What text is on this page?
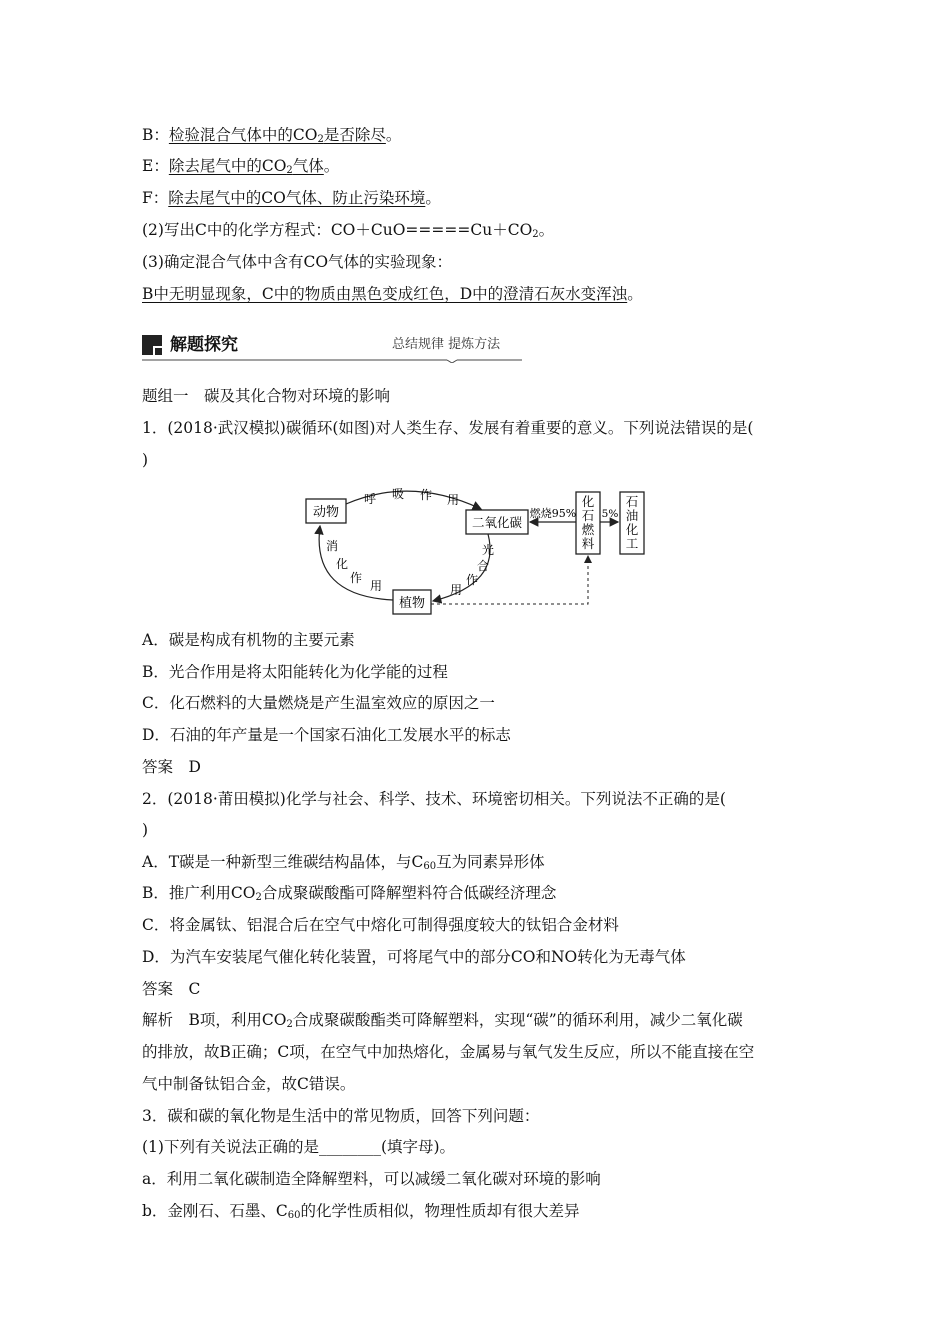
B：检验混合气体中的$CO_2$是否除尽。
E：除去尾气中的$CO_2$气体。
F：除去尾气中的CO气体、防止污染环境。
(2)写出C中的化学方程式：$CO+CuO=====Cu+CO_2$。
(3)确定混合气体中含有CO气体的实验现象：
B中无明显现象，C中的物质由黑色变成红色，D中的澄清石灰水变浑浊。
解题探究	总结规律 提炼方法
题组一　碳及其化合物对环境的影响
1．(2018·武汉模拟)碳循环(如图)对人类生存、发展有着重要的意义。下列说法错误的是(
)
动物
二氧化碳
化
石
燃
料
石
油
化
工
植物
呼 吸 作 用
光
合
作
用
消
化
作
用
燃烧95% 5%
A．碳是构成有机物的主要元素
B．光合作用是将太阳能转化为化学能的过程
C．化石燃料的大量燃烧是产生温室效应的原因之一
D．石油的年产量是一个国家石油化工发展水平的标志
答案　D
2．(2018·莆田模拟)化学与社会、科学、技术、环境密切相关。下列说法不正确的是(
)
A．T碳是一种新型三维碳结构晶体，与$C_{60}$互为同素异形体
B．推广利用$CO_2$合成聚碳酸酯可降解塑料符合低碳经济理念
C．将金属钛、铝混合后在空气中熔化可制得强度较大的钛铝合金材料
D．为汽车安装尾气催化转化装置，可将尾气中的部分CO和NO转化为无毒气体
答案　C
解析　B项，利用$CO_2$合成聚碳酸酯类可降解塑料，实现“碳”的循环利用，减少二氧化碳
的排放，故B正确；C项，在空气中加热熔化，金属易与氧气发生反应，所以不能直接在空
气中制备钛铝合金，故C错误。
3．碳和碳的氧化物是生活中的常见物质，回答下列问题：
(1)下列有关说法正确的是________(填字母)。
a．利用二氧化碳制造全降解塑料，可以减缓二氧化碳对环境的影响
b．金刚石、石墨、$C_{60}$的化学性质相似，物理性质却有很大差异
